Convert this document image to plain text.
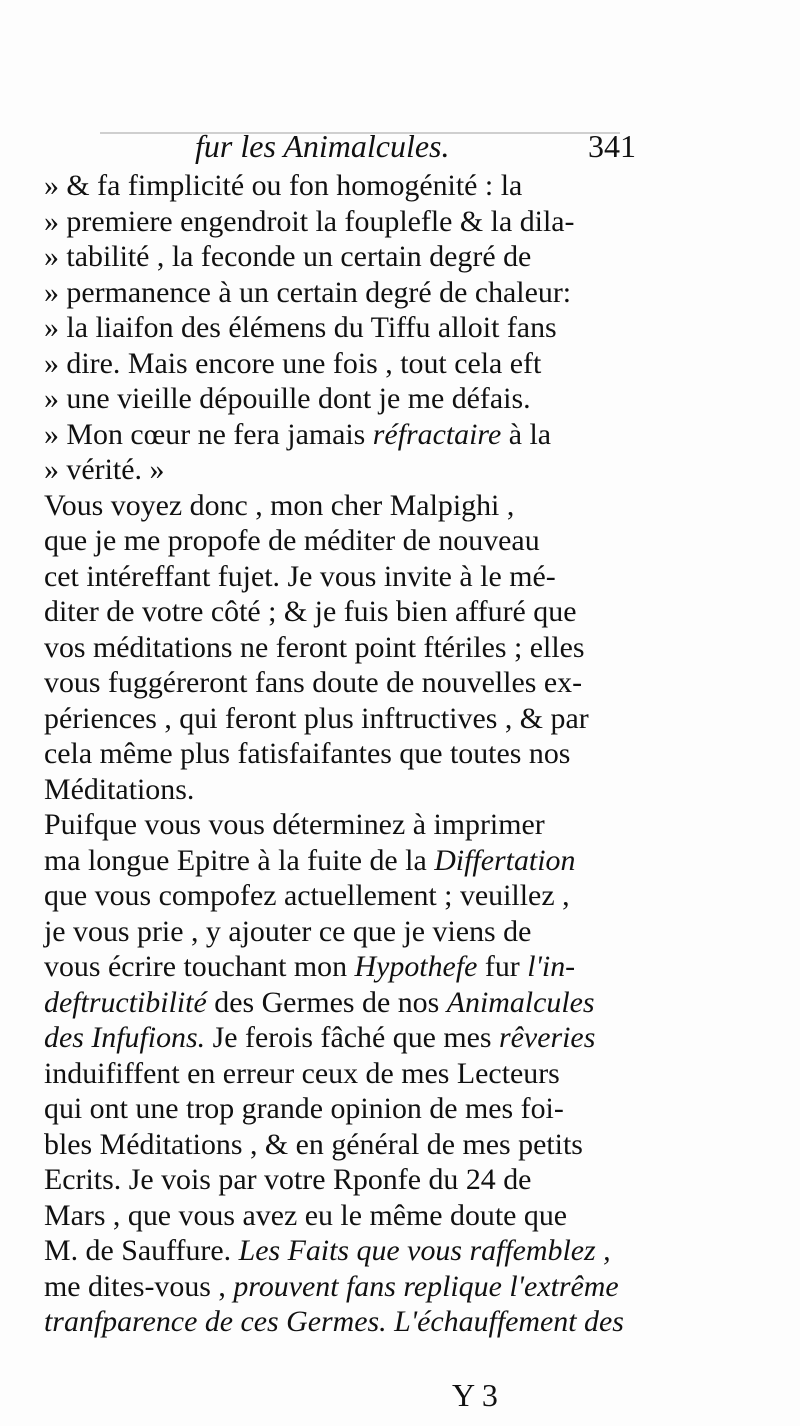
fur les Animalcules.	341
» & fa fimplicité ou fon homogénité : la
» premiere engendroit la fouplefle & la dila-
» tabilité , la feconde un certain degré de
» permanence à un certain degré de chaleur:
» la liaifon des élémens du Tiffu alloit fans
» dire. Mais encore une fois , tout cela eft
» une vieille dépouille dont je me défais.
» Mon cœur ne fera jamais réfractaire à la
» vérité. »
Vous voyez donc , mon cher Malpighi ,
que je me propofe de méditer de nouveau
cet intéreffant fujet. Je vous invite à le mé-
diter de votre côté ; & je fuis bien affuré que
vos méditations ne feront point ftériles ; elles
vous fuggéreront fans doute de nouvelles ex-
périences , qui feront plus inftructives , & par
cela même plus fatisfaifantes que toutes nos
Méditations.
Puifque vous vous déterminez à imprimer
ma longue Epitre à la fuite de la Differtation
que vous compofez actuellement ; veuillez ,
je vous prie , y ajouter ce que je viens de
vous écrire touchant mon Hypothefe fur l'in-
deftructibilité des Germes de nos Animalcules
des Infufions. Je ferois fâché que mes rêveries
induififfent en erreur ceux de mes Lecteurs
qui ont une trop grande opinion de mes foi-
bles Méditations , & en général de mes petits
Ecrits. Je vois par votre Rponfe du 24 de
Mars , que vous avez eu le même doute que
M. de Sauffure. Les Faits que vous raffemblez ,
me dites-vous , prouvent fans replique l'extrême
tranfparence de ces Germes. L'échauffement des
Y 3
